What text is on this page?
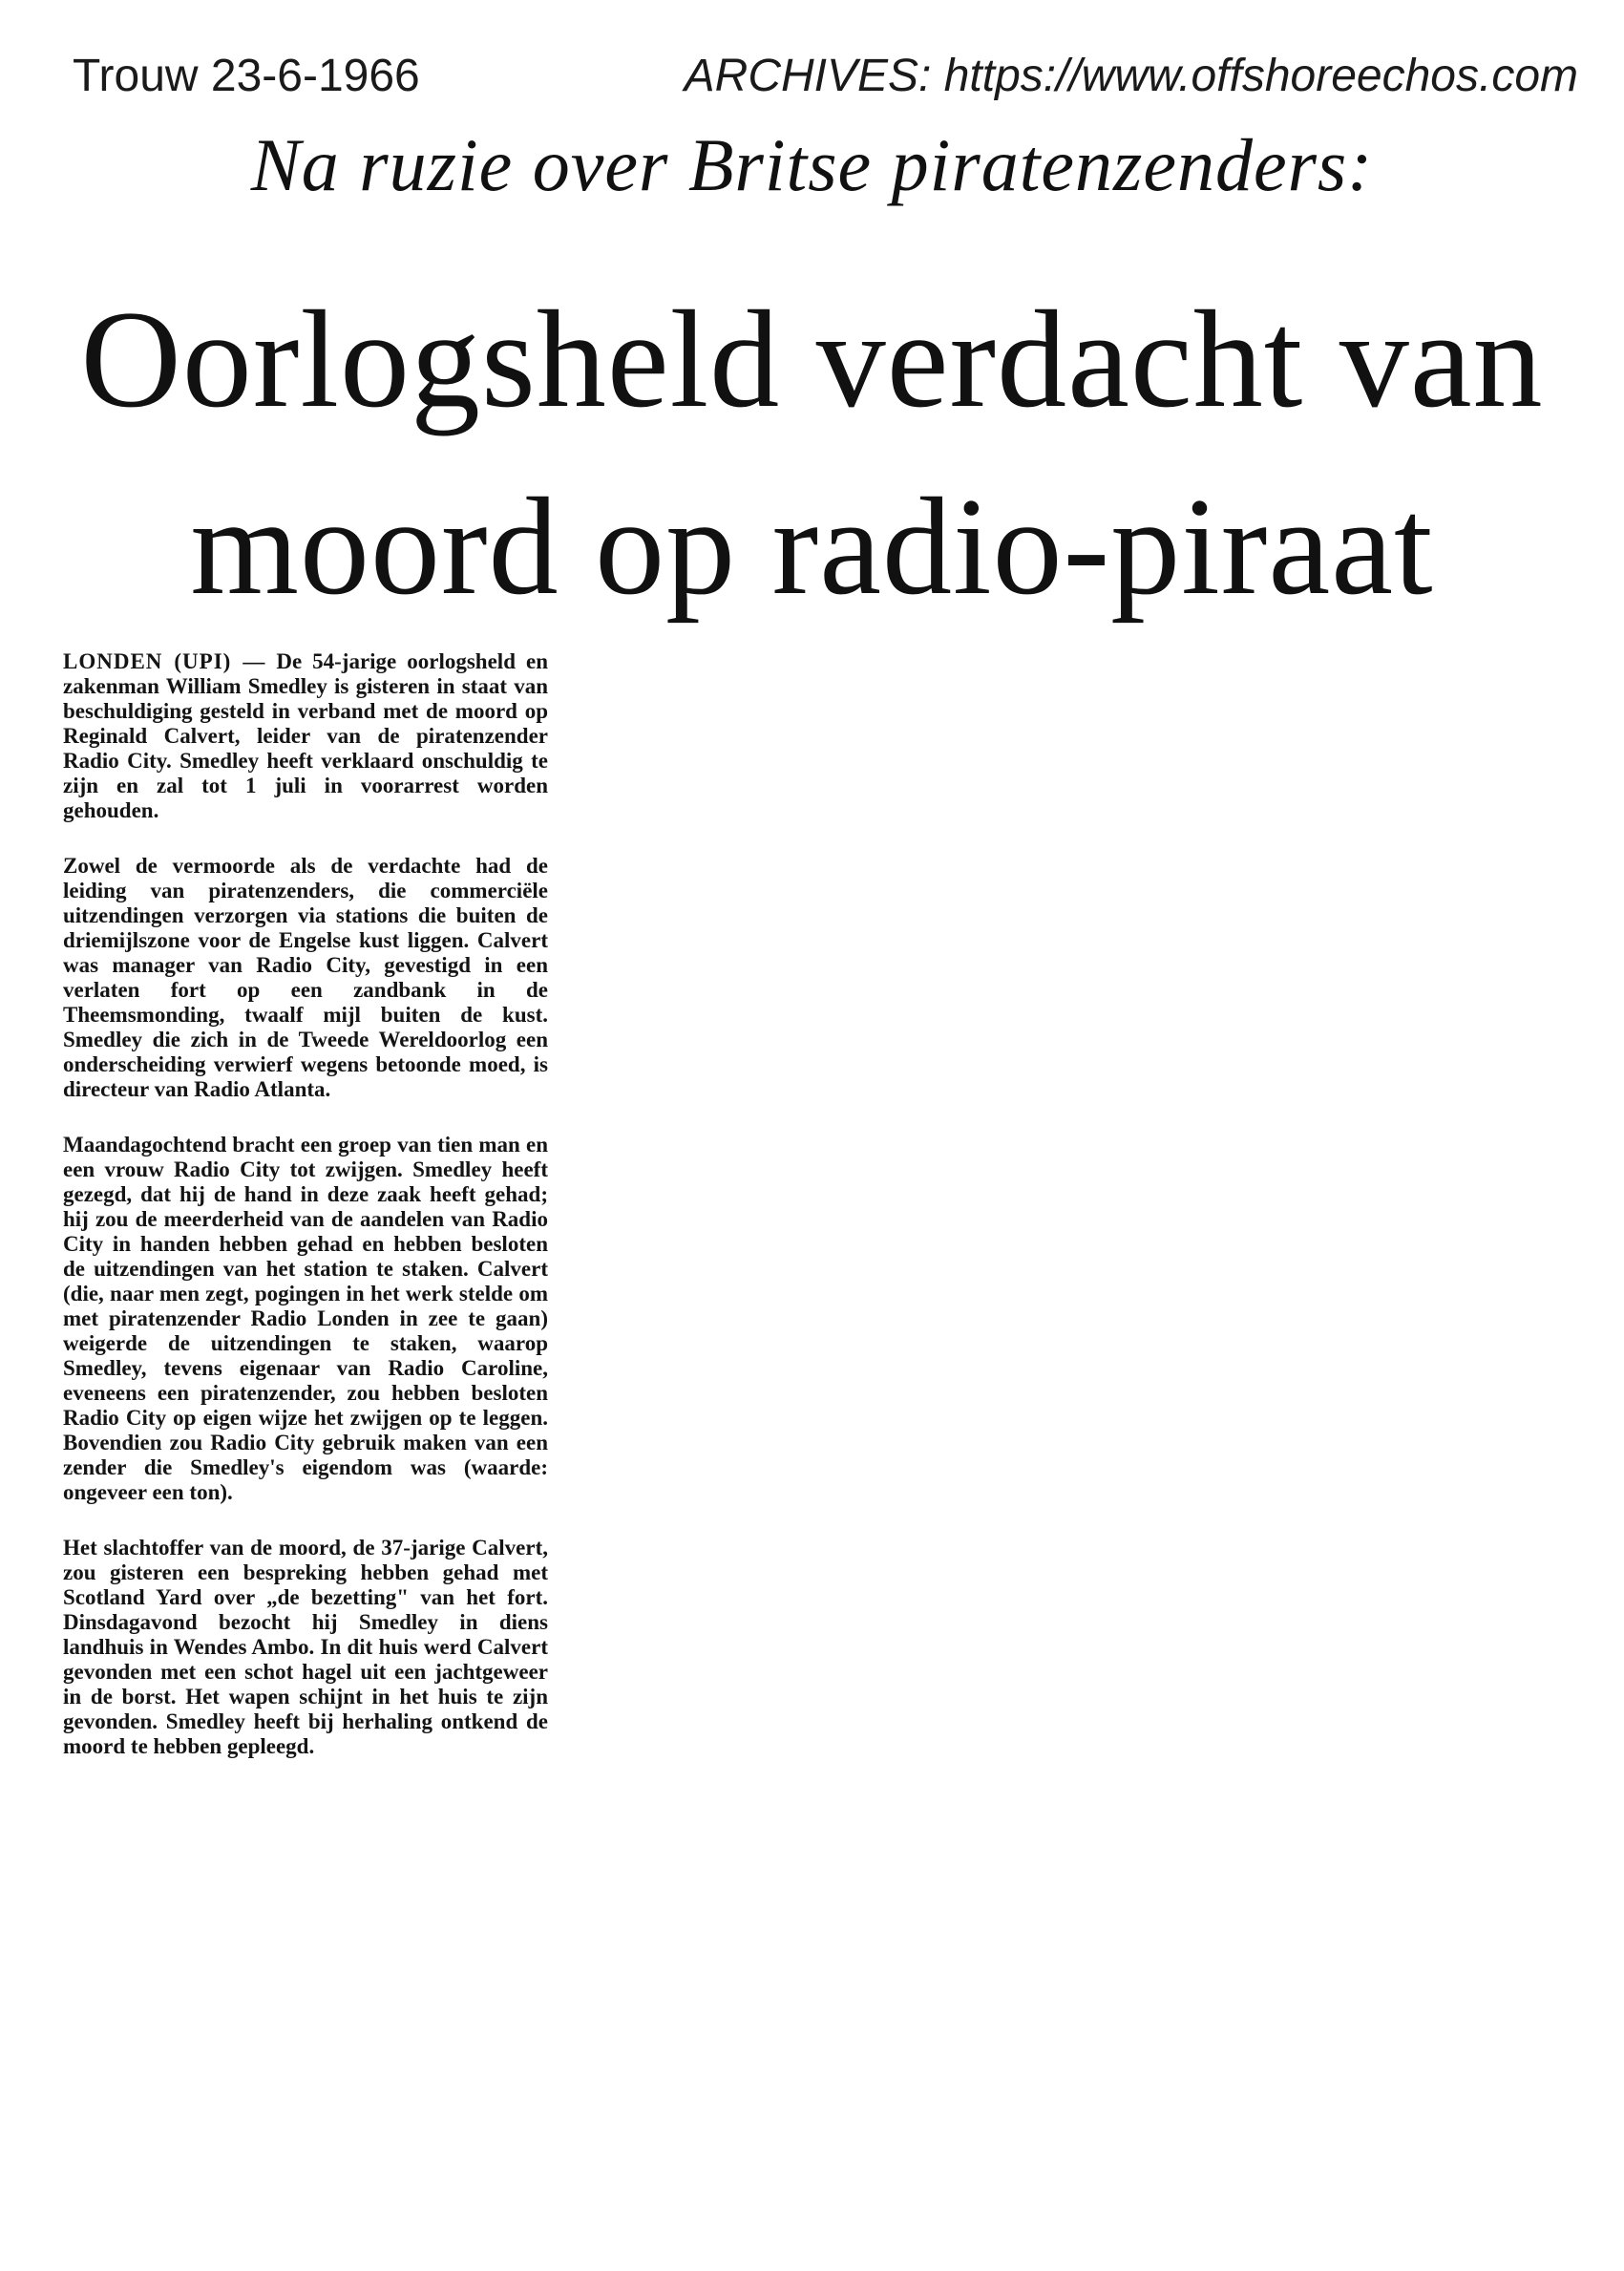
Trouw 23-6-1966	ARCHIVES: https://www.offshoreechos.com
Na ruzie over Britse piratenzenders:
Oorlogsheld verdacht van
moord op radio-piraat

LONDEN (UPI) — De 54-jarige oorlogsheld en zakenman William Smedley is gisteren in staat van beschuldiging gesteld in verband met de moord op Reginald Calvert, leider van de piratenzender Radio City. Smedley heeft verklaard onschuldig te zijn en zal tot 1 juli in voorarrest worden gehouden.

Zowel de vermoorde als de verdachte had de leiding van piratenzenders, die commerciële uitzendingen verzorgen via stations die buiten de driemijlszone voor de Engelse kust liggen. Calvert was manager van Radio City, gevestigd in een verlaten fort op een zandbank in de Theemsmonding, twaalf mijl buiten de kust. Smedley die zich in de Tweede Wereldoorlog een onderscheiding verwierf wegens betoonde moed, is directeur van Radio Atlanta.

Maandagochtend bracht een groep van tien man en een vrouw Radio City tot zwijgen. Smedley heeft gezegd, dat hij de hand in deze zaak heeft gehad; hij zou de meerderheid van de aandelen van Radio City in handen hebben gehad en hebben besloten de uitzendingen van het station te staken. Calvert (die, naar men zegt, pogingen in het werk stelde om met piratenzender Radio Londen in zee te gaan) weigerde de uitzendingen te staken, waarop Smedley, tevens eigenaar van Radio Caroline, eveneens een piratenzender, zou hebben besloten Radio City op eigen wijze het zwijgen op te leggen. Bovendien zou Radio City gebruik maken van een zender die Smedley's eigendom was (waarde: ongeveer een ton).

Het slachtoffer van de moord, de 37-jarige Calvert, zou gisteren een bespreking hebben gehad met Scotland Yard over „de bezetting" van het fort. Dinsdagavond bezocht hij Smedley in diens landhuis in Wendes Ambo. In dit huis werd Calvert gevonden met een schot hagel uit een jachtgeweer in de borst. Het wapen schijnt in het huis te zijn gevonden. Smedley heeft bij herhaling ontkend de moord te hebben gepleegd.
